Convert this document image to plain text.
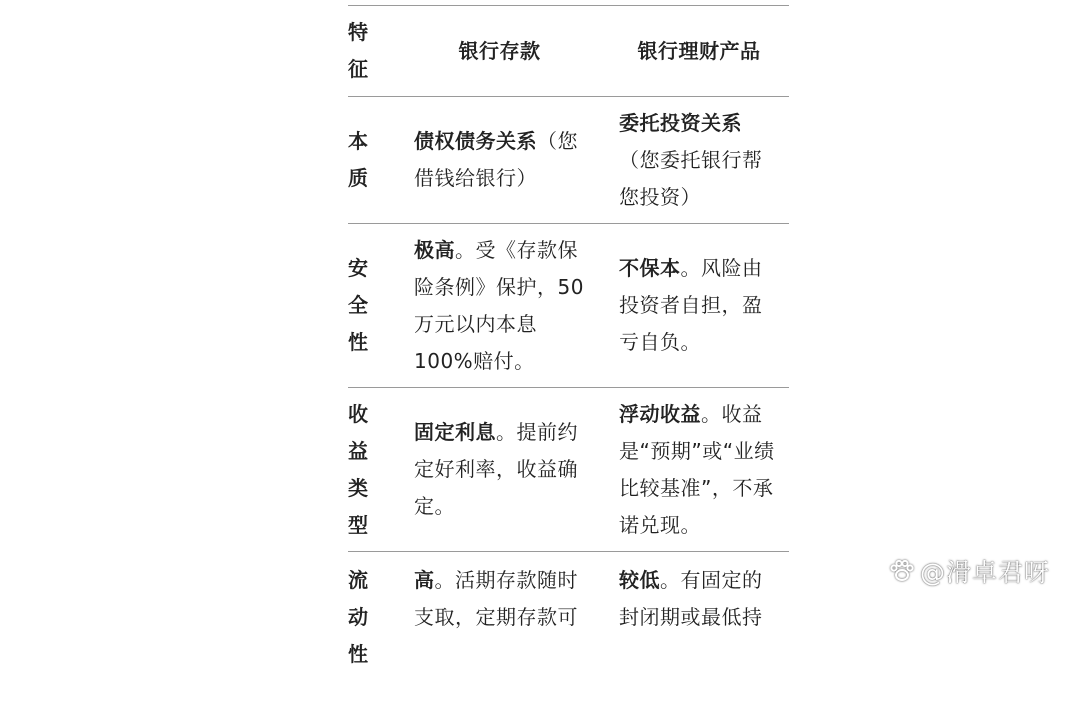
特
征	银行存款	银行理财产品

本
质	债权债务关系（您借钱给银行）	委托投资关系（您委托银行帮您投资）

安
全
性	极高。受《存款保险条例》保护，50万元以内本息100%赔付。	不保本。风险由投资者自担，盈亏自负。

收
益
类
型	固定利息。提前约定好利率，收益确定。	浮动收益。收益是“预期”或“业绩比较基准”，不承诺兑现。

流
动
性	高。活期存款随时支取，定期存款可	较低。有固定的封闭期或最低持
@滑卓君呀
